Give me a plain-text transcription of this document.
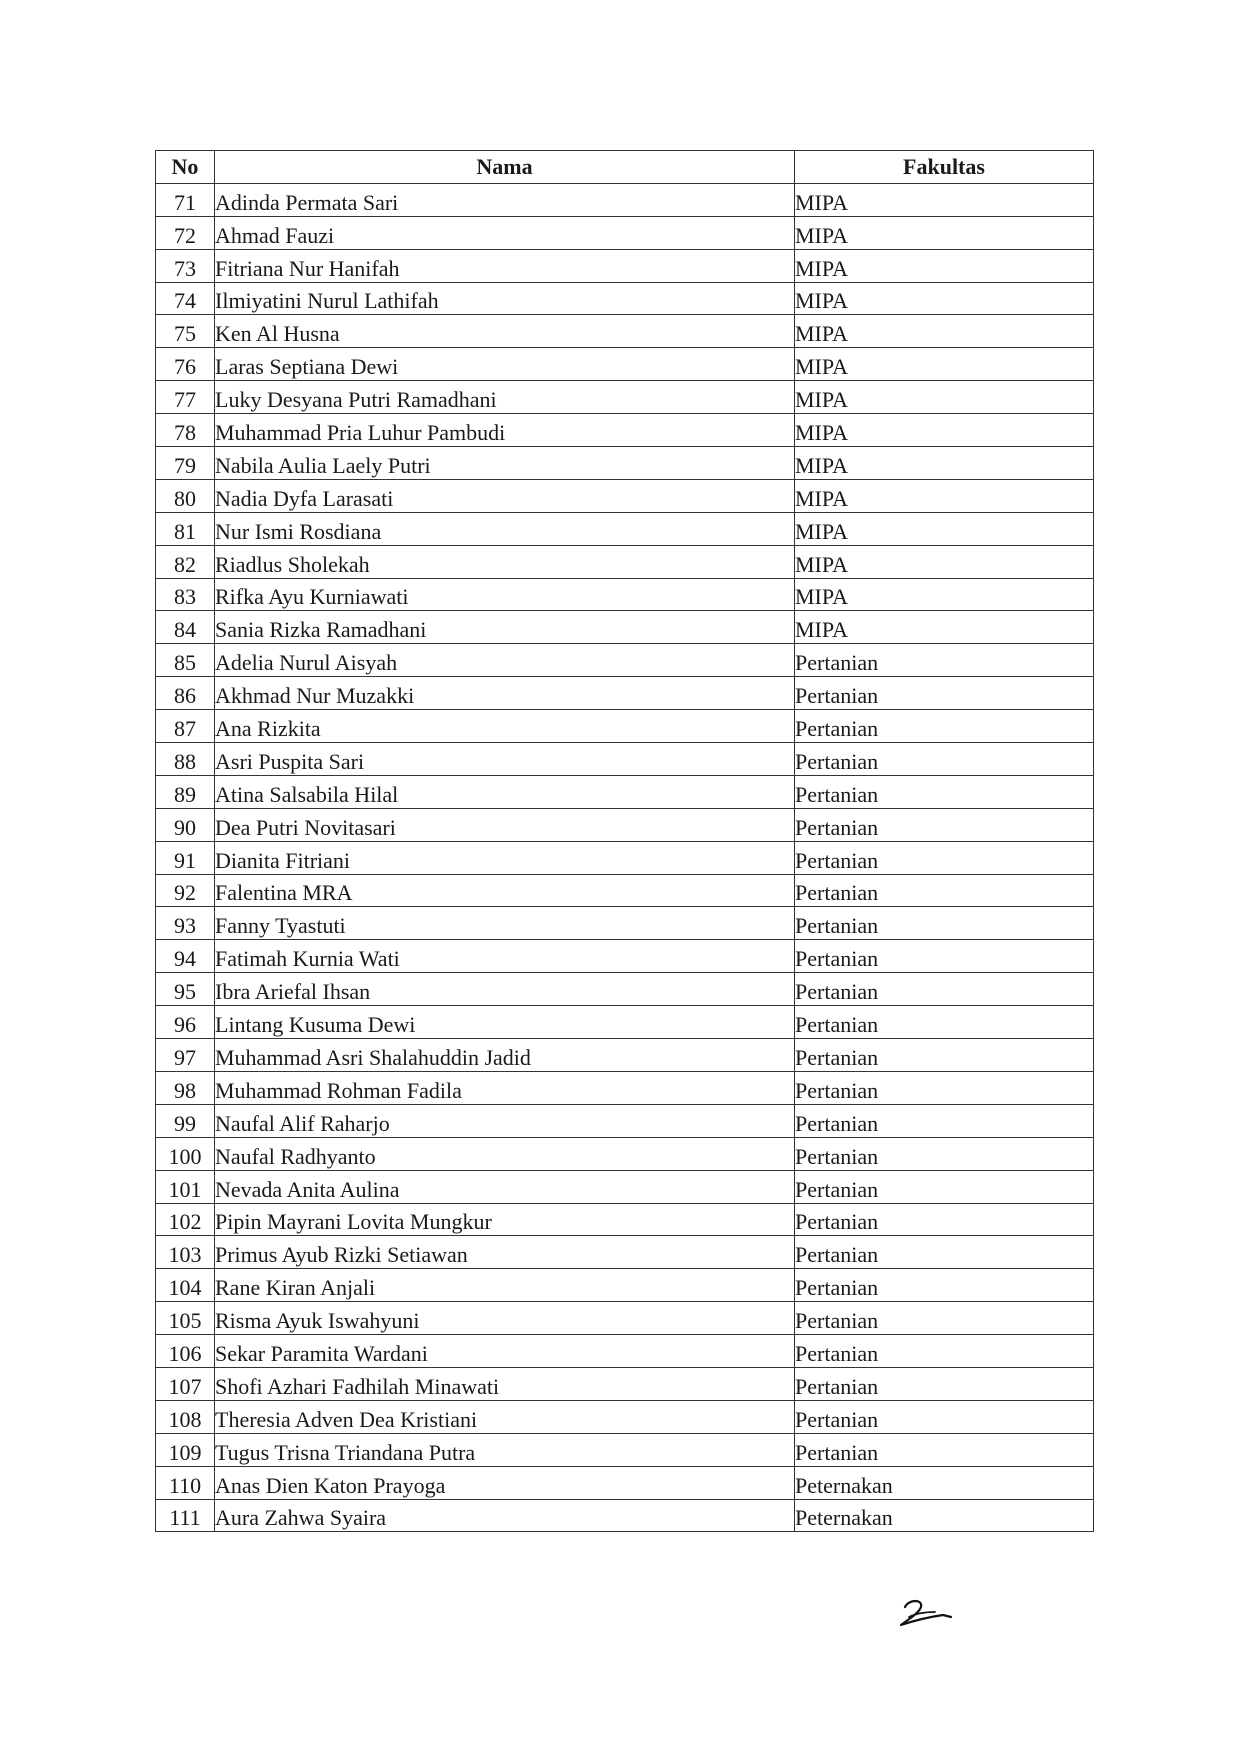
No	Nama	Fakultas
71	Adinda Permata Sari	MIPA
72	Ahmad Fauzi	MIPA
73	Fitriana Nur Hanifah	MIPA
74	Ilmiyatini Nurul Lathifah	MIPA
75	Ken Al Husna	MIPA
76	Laras Septiana Dewi	MIPA
77	Luky Desyana Putri Ramadhani	MIPA
78	Muhammad Pria Luhur Pambudi	MIPA
79	Nabila Aulia Laely Putri	MIPA
80	Nadia Dyfa Larasati	MIPA
81	Nur Ismi Rosdiana	MIPA
82	Riadlus Sholekah	MIPA
83	Rifka Ayu Kurniawati	MIPA
84	Sania Rizka Ramadhani	MIPA
85	Adelia Nurul Aisyah	Pertanian
86	Akhmad Nur Muzakki	Pertanian
87	Ana Rizkita	Pertanian
88	Asri Puspita Sari	Pertanian
89	Atina Salsabila Hilal	Pertanian
90	Dea Putri Novitasari	Pertanian
91	Dianita Fitriani	Pertanian
92	Falentina MRA	Pertanian
93	Fanny Tyastuti	Pertanian
94	Fatimah Kurnia Wati	Pertanian
95	Ibra Ariefal Ihsan	Pertanian
96	Lintang Kusuma Dewi	Pertanian
97	Muhammad Asri Shalahuddin Jadid	Pertanian
98	Muhammad Rohman Fadila	Pertanian
99	Naufal Alif Raharjo	Pertanian
100	Naufal Radhyanto	Pertanian
101	Nevada Anita Aulina	Pertanian
102	Pipin Mayrani Lovita Mungkur	Pertanian
103	Primus Ayub Rizki Setiawan	Pertanian
104	Rane Kiran Anjali	Pertanian
105	Risma Ayuk Iswahyuni	Pertanian
106	Sekar Paramita Wardani	Pertanian
107	Shofi Azhari Fadhilah Minawati	Pertanian
108	Theresia Adven Dea Kristiani	Pertanian
109	Tugus Trisna Triandana Putra	Pertanian
110	Anas Dien Katon Prayoga	Peternakan
111	Aura Zahwa Syaira	Peternakan
